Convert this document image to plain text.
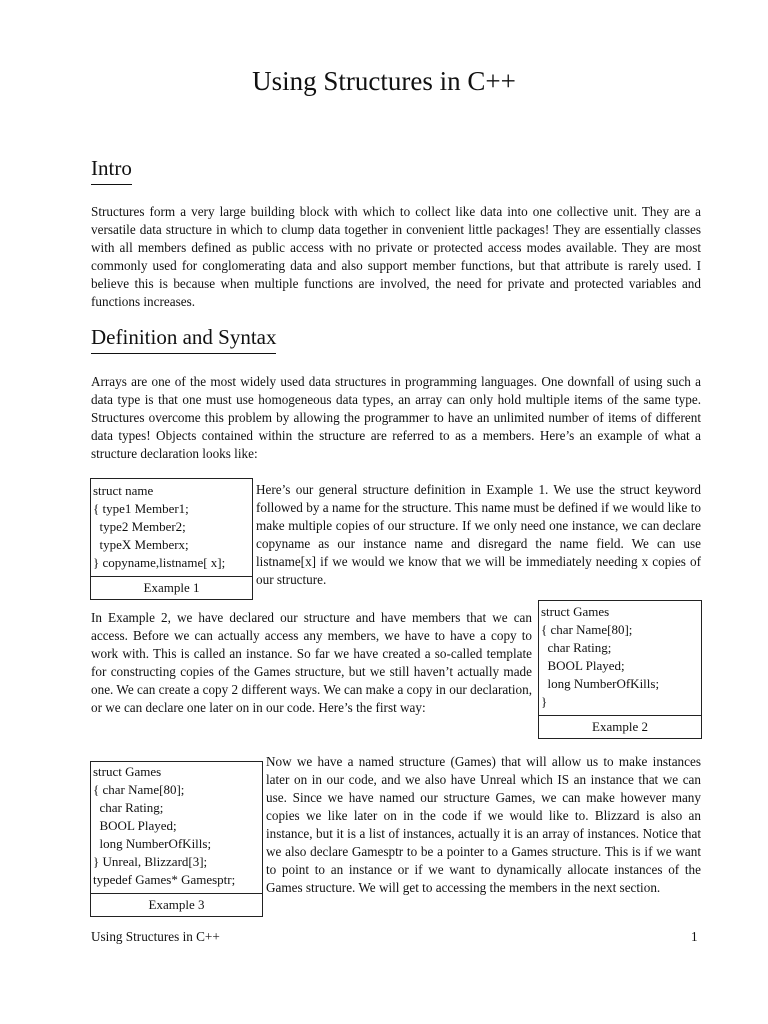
Using Structures in C++
Intro
Structures form a very large building block with which to collect like data into one collective unit. They are a versatile data structure in which to clump data together in convenient little packages! They are essentially classes with all members defined as public access with no private or protected access modes available. They are most commonly used for conglomerating data and also support member functions, but that attribute is rarely used. I believe this is because when multiple functions are involved, the need for private and protected variables and functions increases.
Definition and Syntax
Arrays are one of the most widely used data structures in programming languages. One downfall of using such a data type is that one must use homogeneous data types, an array can only hold multiple items of the same type. Structures overcome this problem by allowing the programmer to have an unlimited number of items of different data types! Objects contained within the structure are referred to as a members. Here’s an example of what a structure declaration looks like:
struct name
{ type1 Member1;
type2 Member2;
typeX Memberx;
} copyname,listname[ x];
Example 1
Here’s our general structure definition in Example 1. We use the struct keyword followed by a name for the structure. This name must be defined if we would like to make multiple copies of our structure. If we only need one instance, we can declare copyname as our instance name and disregard the name field. We can use listname[x] if we would we know that we will be immediately needing x copies of our structure.
In Example 2, we have declared our structure and have members that we can access. Before we can actually access any members, we have to have a copy to work with. This is called an instance. So far we have created a so-called template for constructing copies of the Games structure, but we still haven’t actually made one. We can create a copy 2 different ways. We can make a copy in our declaration, or we can declare one later on in our code. Here’s the first way:
struct Games
{ char Name[80];
char Rating;
BOOL Played;
long NumberOfKills;
}
Example 2
struct Games
{ char Name[80];
char Rating;
BOOL Played;
long NumberOfKills;
} Unreal, Blizzard[3];
typedef Games* Gamesptr;
Example 3
Now we have a named structure (Games) that will allow us to make instances later on in our code, and we also have Unreal which IS an instance that we can use. Since we have named our structure Games, we can make however many copies we like later on in the code if we would like to. Blizzard is also an instance, but it is a list of instances, actually it is an array of instances. Notice that we also declare Gamesptr to be a pointer to a Games structure. This is if we want to point to an instance or if we want to dynamically allocate instances of the Games structure. We will get to accessing the members in the next section.
Using Structures in C++	1
